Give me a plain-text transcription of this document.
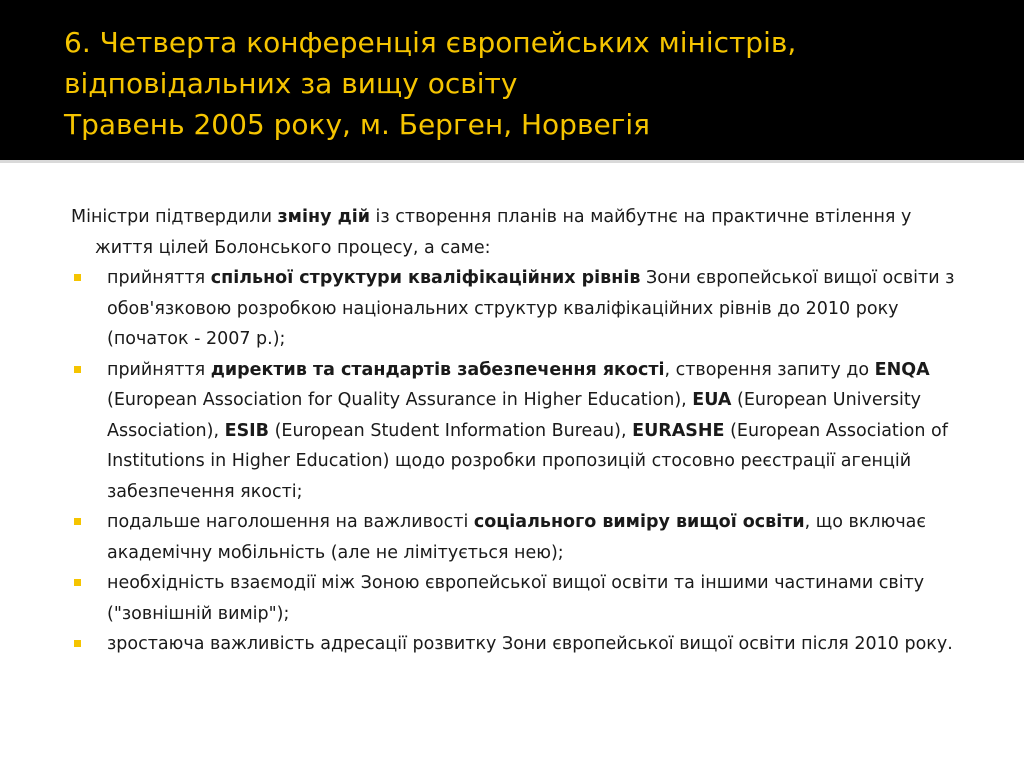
6. Четверта конференція європейських міністрів,
відповідальних за вищу освіту
Травень 2005 року, м. Берген, Норвегія

Міністри підтвердили зміну дій із створення планів на майбутнє на практичне втілення у життя цілей Болонського процесу, а саме:

прийняття спільної структури кваліфікаційних рівнів Зони європейської вищої освіти з обов'язковою розробкою національних структур кваліфікаційних рівнів до 2010 року (початок - 2007 р.);
прийняття директив та стандартів забезпечення якості, створення запиту до ENQA (European Association for Quality Assurance in Higher Education), EUA (European University Association), ESIB (European Student Information Bureau), EURASHE (European Association of Institutions in Higher Education) щодо розробки пропозицій стосовно реєстрації агенцій забезпечення якості;
подальше наголошення на важливості соціального виміру вищої освіти, що включає академічну мобільність (але не лімітується нею);
необхідність взаємодії між Зоною європейської вищої освіти та іншими частинами світу ("зовнішній вимір");
зростаюча важливість адресації розвитку Зони європейської вищої освіти після 2010 року.
